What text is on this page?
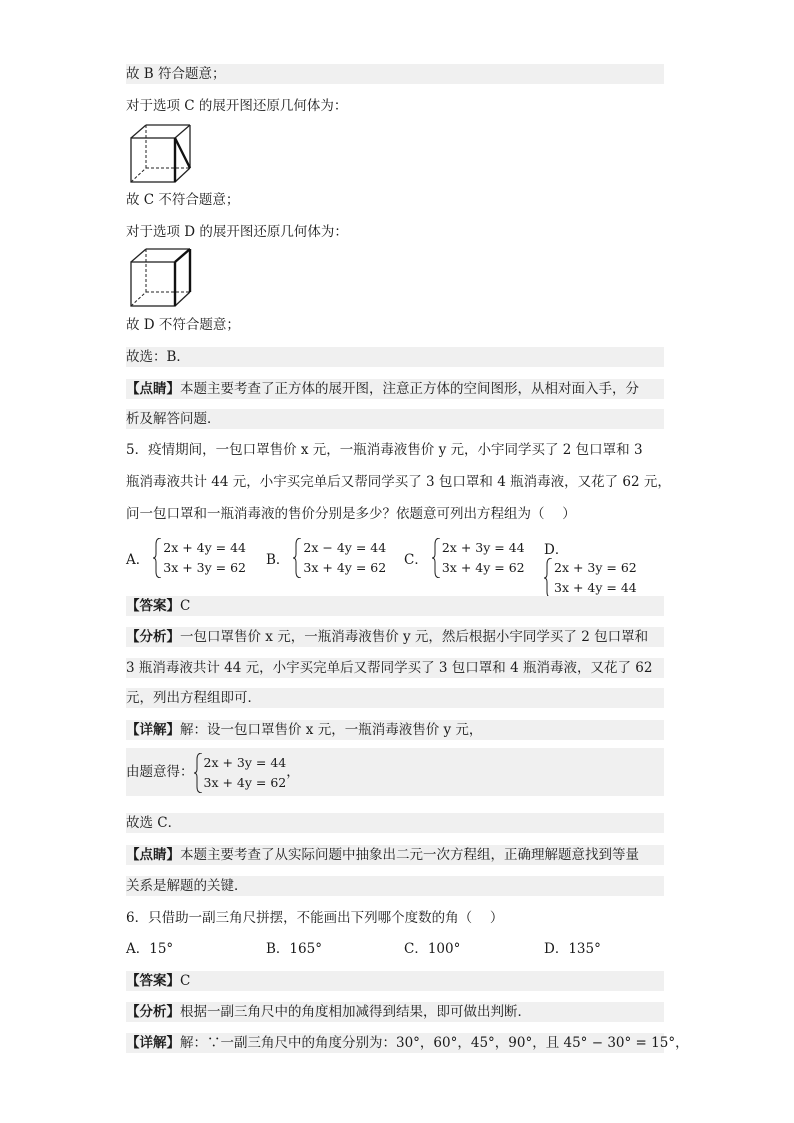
故 B 符合题意；
对于选项 C 的展开图还原几何体为：
故 C 不符合题意；
对于选项 D 的展开图还原几何体为：
故 D 不符合题意；
故选：B．
【点睛】本题主要考查了正方体的展开图，注意正方体的空间图形，从相对面入手，分
析及解答问题．
5．疫情期间，一包口罩售价 x 元，一瓶消毒液售价 y 元，小宇同学买了 2 包口罩和 3
瓶消毒液共计 44 元，小宇买完单后又帮同学买了 3 包口罩和 4 瓶消毒液，又花了 62 元，
问一包口罩和一瓶消毒液的售价分别是多少？依题意可列出方程组为（　 ）
A．
2x + 4y = 44
3x + 3y = 62 B．
2x − 4y = 44
3x + 4y = 62 C．
2x + 3y = 44
3x + 4y = 62
D．
2x + 3y = 62
3x + 4y = 44
【答案】C
【分析】一包口罩售价 x 元，一瓶消毒液售价 y 元，然后根据小宇同学买了 2 包口罩和
3 瓶消毒液共计 44 元，小宇买完单后又帮同学买了 3 包口罩和 4 瓶消毒液，又花了 62
元，列出方程组即可．
【详解】解：设一包口罩售价 x 元，一瓶消毒液售价 y 元，
由题意得：
2x + 3y = 44
3x + 4y = 62
，
故选 C．
【点睛】本题主要考查了从实际问题中抽象出二元一次方程组，正确理解题意找到等量
关系是解题的关键．
6．只借助一副三角尺拼摆，不能画出下列哪个度数的角（　 ）
A．15°	B．165°	C．100°	D．135°
【答案】C
【分析】根据一副三角尺中的角度相加减得到结果，即可做出判断．
【详解】解：∵一副三角尺中的角度分别为：30°，60°，45°，90°，且 45° − 30° = 15°，
